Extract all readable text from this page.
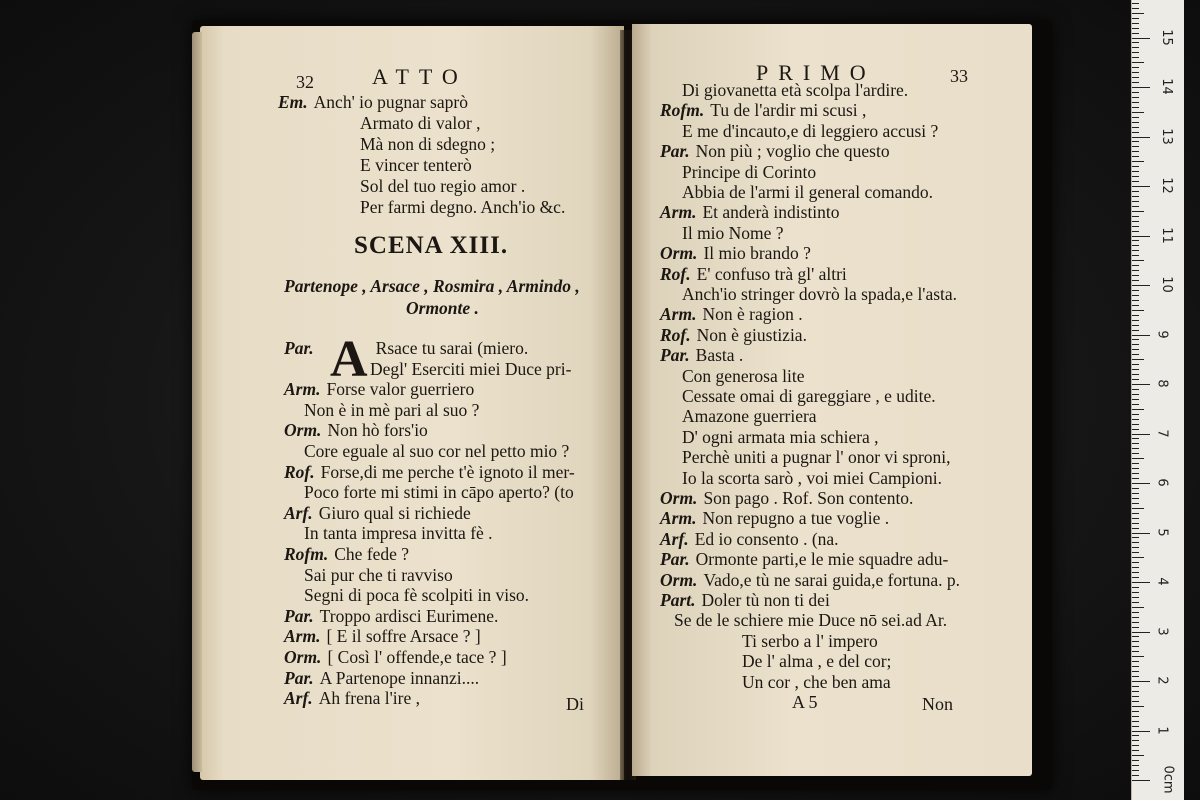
32	ATTO
Em. Anch' io pugnar saprò
Armato di valor ,
Mà non di sdegno ;
E vincer tenterò
Sol del tuo regio amor .
Per farmi degno. Anch'io &c.
SCENA XIII.
Partenope , Arsace , Rosmira , Armindo ,
Ormonte .
A
Par.	Rsace tu sarai (miero.
Degl' Eserciti miei Duce pri-
Arm. Forse valor guerriero
Non è in mè pari al suo ?
Orm. Non hò fors'io
Core eguale al suo cor nel petto mio ?
Rof. Forse,di me perche t'è ignoto il mer-
Poco forte mi stimi in cāpo aperto? (to
Arf. Giuro qual si richiede
In tanta impresa invitta fè .
Rofm. Che fede ?
Sai pur che ti ravviso
Segni di poca fè scolpiti in viso.
Par. Troppo ardisci Eurimene.
Arm. [ E il soffre Arsace ? ]
Orm. [ Così l' offende,e tace ? ]
Par. A Partenope innanzi....
Arf. Ah frena l'ire ,	Di
PRIMO	33
Di giovanetta età scolpa l'ardire.
Rofm. Tu de l'ardir mi scusi ,
E me d'incauto,e di leggiero accusi ?
Par. Non più ; voglio che questo
Principe di Corinto
Abbia de l'armi il general comando.
Arm. Et anderà indistinto
Il mio Nome ?
Orm. Il mio brando ?
Rof. E' confuso trà gl' altri
Anch'io stringer dovrò la spada,e l'asta.
Arm. Non è ragion .
Rof. Non è giustizia.
Par. Basta .
Con generosa lite
Cessate omai di gareggiare , e udite.
Amazone guerriera
D' ogni armata mia schiera ,
Perchè uniti a pugnar l' onor vi sproni,
Io la scorta sarò , voi miei Campioni.
Orm. Son pago . Rof. Son contento.
Arm. Non repugno a tue voglie .
Arf. Ed io consento . (na.
Par. Ormonte parti,e le mie squadre adu-
Orm. Vado,e tù ne sarai guida,e fortuna. p.
Part. Doler tù non ti dei
Se de le schiere mie Duce nō sei.ad Ar.
Ti serbo a l' impero
De l' alma , e del cor;
Un cor , che ben ama
A 5	Non
0cm
1
2
3
4
5
6
7
8
9
10
11
12
13
14
15
